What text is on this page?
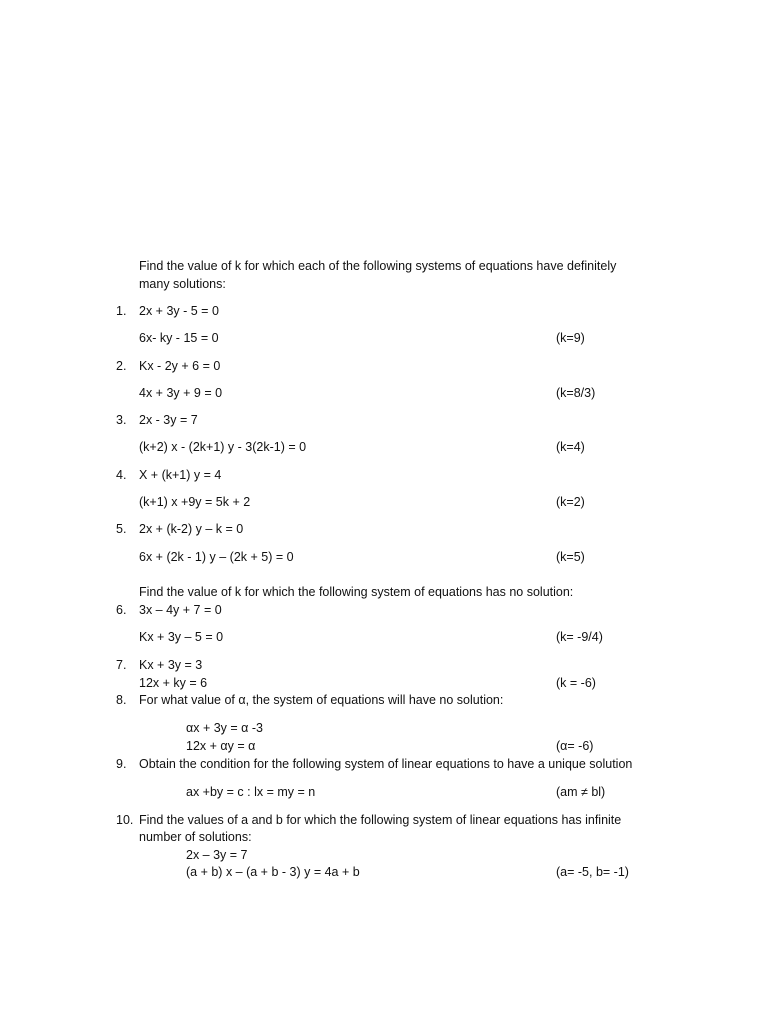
Find the value of k for which each of the following systems of equations have definitely
many solutions:
1. 2x + 3y - 5 = 0
6x- ky - 15 = 0	(k=9)
2. Kx - 2y + 6 = 0
4x + 3y + 9 = 0	(k=8/3)
3. 2x - 3y = 7
(k+2) x - (2k+1) y - 3(2k-1) = 0	(k=4)
4. X + (k+1) y = 4
(k+1) x +9y = 5k + 2	(k=2)
5. 2x + (k-2) y – k = 0
6x + (2k - 1) y – (2k + 5) = 0	(k=5)
Find the value of k for which the following system of equations has no solution:
6. 3x – 4y + 7 = 0
Kx + 3y – 5 = 0	(k= -9/4)
7. Kx + 3y = 3
12x + ky = 6	(k = -6)
8. For what value of α, the system of equations will have no solution:
αx + 3y = α -3
12x + αy = α	(α= -6)
9. Obtain the condition for the following system of linear equations to have a unique solution
ax +by = c : lx = my = n	(am ≠ bl)
10. Find the values of a and b for which the following system of linear equations has infinite
number of solutions:
2x – 3y = 7
(a + b) x – (a + b - 3) y = 4a + b	(a= -5, b= -1)
